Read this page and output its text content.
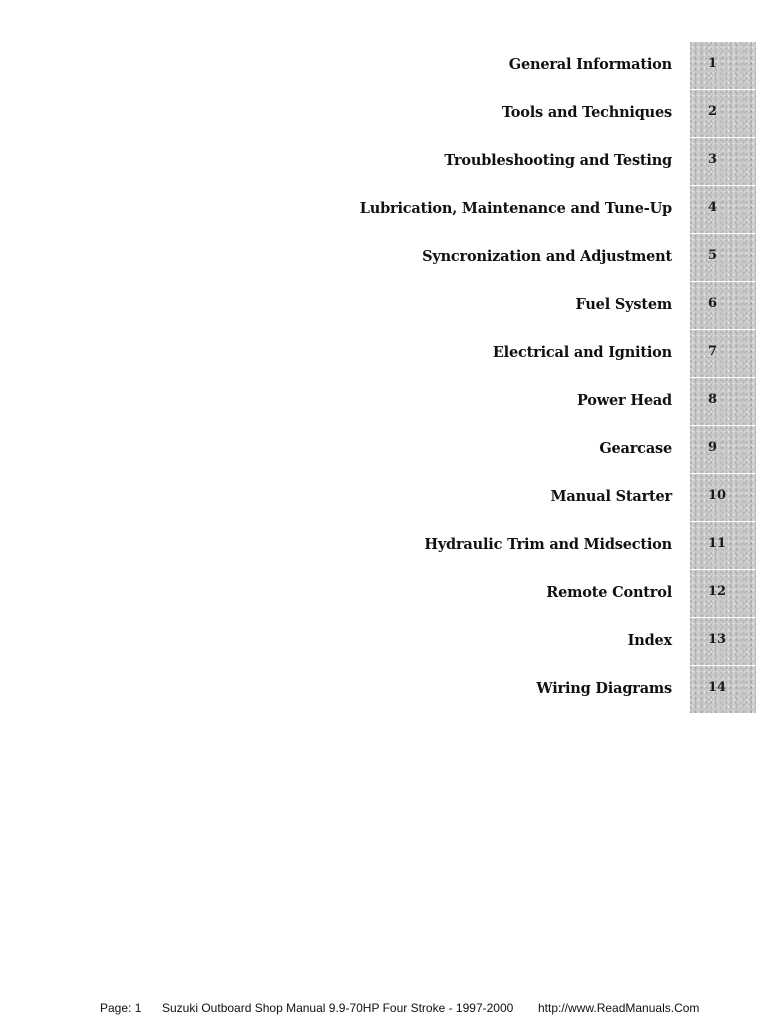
General Information	1
Tools and Techniques	2
Troubleshooting and Testing	3
Lubrication, Maintenance and Tune-Up	4
Syncronization and Adjustment	5
Fuel System	6
Electrical and Ignition	7
Power Head	8
Gearcase	9
Manual Starter	10
Hydraulic Trim and Midsection	11
Remote Control	12
Index	13
Wiring Diagrams	14
Page: 1 Suzuki Outboard Shop Manual 9.9-70HP Four Stroke - 1997-2000 http://www.ReadManuals.Com
